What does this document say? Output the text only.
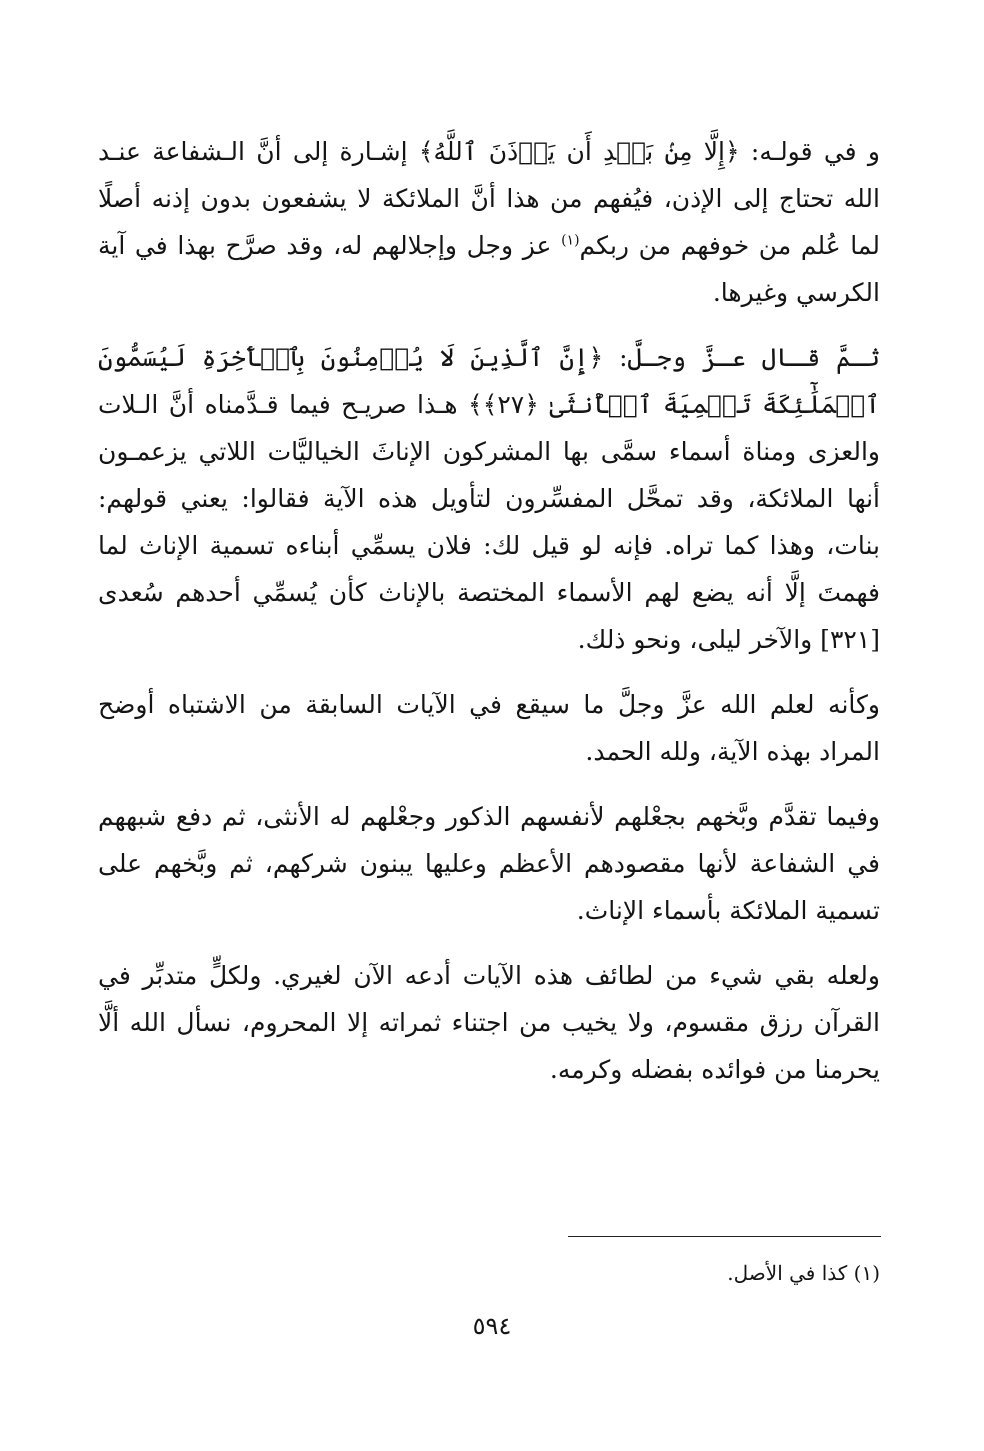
و في قولـه: ﴿إِلَّا مِنۢ بَعۡدِ أَن يَأۡذَنَ ٱللَّهُ﴾ إشـارة إلى أنَّ الـشفاعة عنـد الله تحتاج إلى الإذن، فيُفهم من هذا أنَّ الملائكة لا يشفعون بدون إذنه أصلًا لما عُلم من خوفهم من ربكم$^{(١)}$ عز وجل وإجلالهم له، وقد صرَّح بهذا في آية الكرسي وغيرها.

ثـمَّ قـال عـزَّ وجـلَّ: ﴿إِنَّ ٱلَّذِينَ لَا يُؤۡمِنُونَ بِٱلۡأٓخِرَةِ لَيُسَمُّونَ ٱلۡمَلَٰٓئِكَةَ تَسۡمِيَةَ ٱلۡأُنثَىٰ ﴿٢٧﴾﴾ هـذا صريـح فيما قـدَّمناه أنَّ الـلات والعزى ومناة أسماء سمَّى بها المشركون الإناثَ الخياليَّات اللاتي يزعمـون أنها الملائكة، وقد تمحَّل المفسِّرون لتأويل هذه الآية فقالوا: يعني قولهم: بنات، وهذا كما تراه. فإنه لو قيل لك: فلان يسمِّي أبناءه تسمية الإناث لما فهمتَ إلَّا أنه يضع لهم الأسماء المختصة بالإناث كأن يُسمِّي أحدهم سُعدى [٣٢١] والآخر ليلى، ونحو ذلك.

وكأنه لعلم الله عزَّ وجلَّ ما سيقع في الآيات السابقة من الاشتباه أوضح المراد بهذه الآية، ولله الحمد.

وفيما تقدَّم وبَّخهم بجعْلهم لأنفسهم الذكور وجعْلهم له الأنثى، ثم دفع شبههم في الشفاعة لأنها مقصودهم الأعظم وعليها يبنون شركهم، ثم وبَّخهم على تسمية الملائكة بأسماء الإناث.

ولعله بقي شيء من لطائف هذه الآيات أدعه الآن لغيري. ولكلٍّ متدبِّر في القرآن رزق مقسوم، ولا يخيب من اجتناء ثمراته إلا المحروم، نسأل الله ألَّا يحرمنا من فوائده بفضله وكرمه.

(١) كذا في الأصل.
٥٩٤
